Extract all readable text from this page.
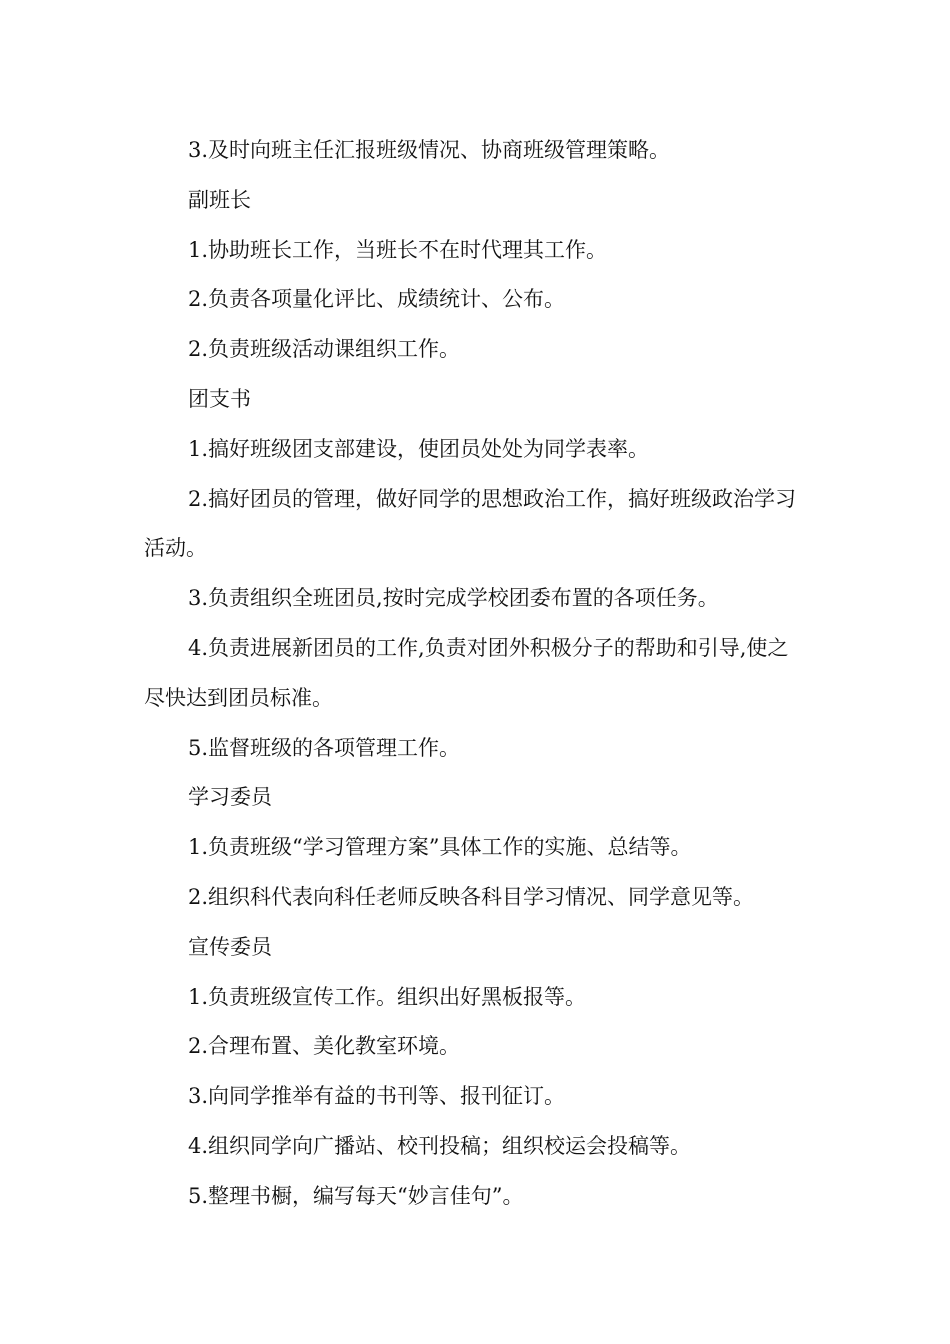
3.及时向班主任汇报班级情况、协商班级管理策略。

副班长

1.协助班长工作，当班长不在时代理其工作。

2.负责各项量化评比、成绩统计、公布。

2.负责班级活动课组织工作。

团支书

1.搞好班级团支部建设，使团员处处为同学表率。

2.搞好团员的管理，做好同学的思想政治工作，搞好班级政治学习活动。

3.负责组织全班团员,按时完成学校团委布置的各项任务。

4.负责进展新团员的工作,负责对团外积极分子的帮助和引导,使之尽快达到团员标准。

5.监督班级的各项管理工作。

学习委员

1.负责班级“学习管理方案”具体工作的实施、总结等。

2.组织科代表向科任老师反映各科目学习情况、同学意见等。

宣传委员

1.负责班级宣传工作。组织出好黑板报等。

2.合理布置、美化教室环境。

3.向同学推举有益的书刊等、报刊征订。

4.组织同学向广播站、校刊投稿；组织校运会投稿等。

5.整理书橱，编写每天“妙言佳句”。
